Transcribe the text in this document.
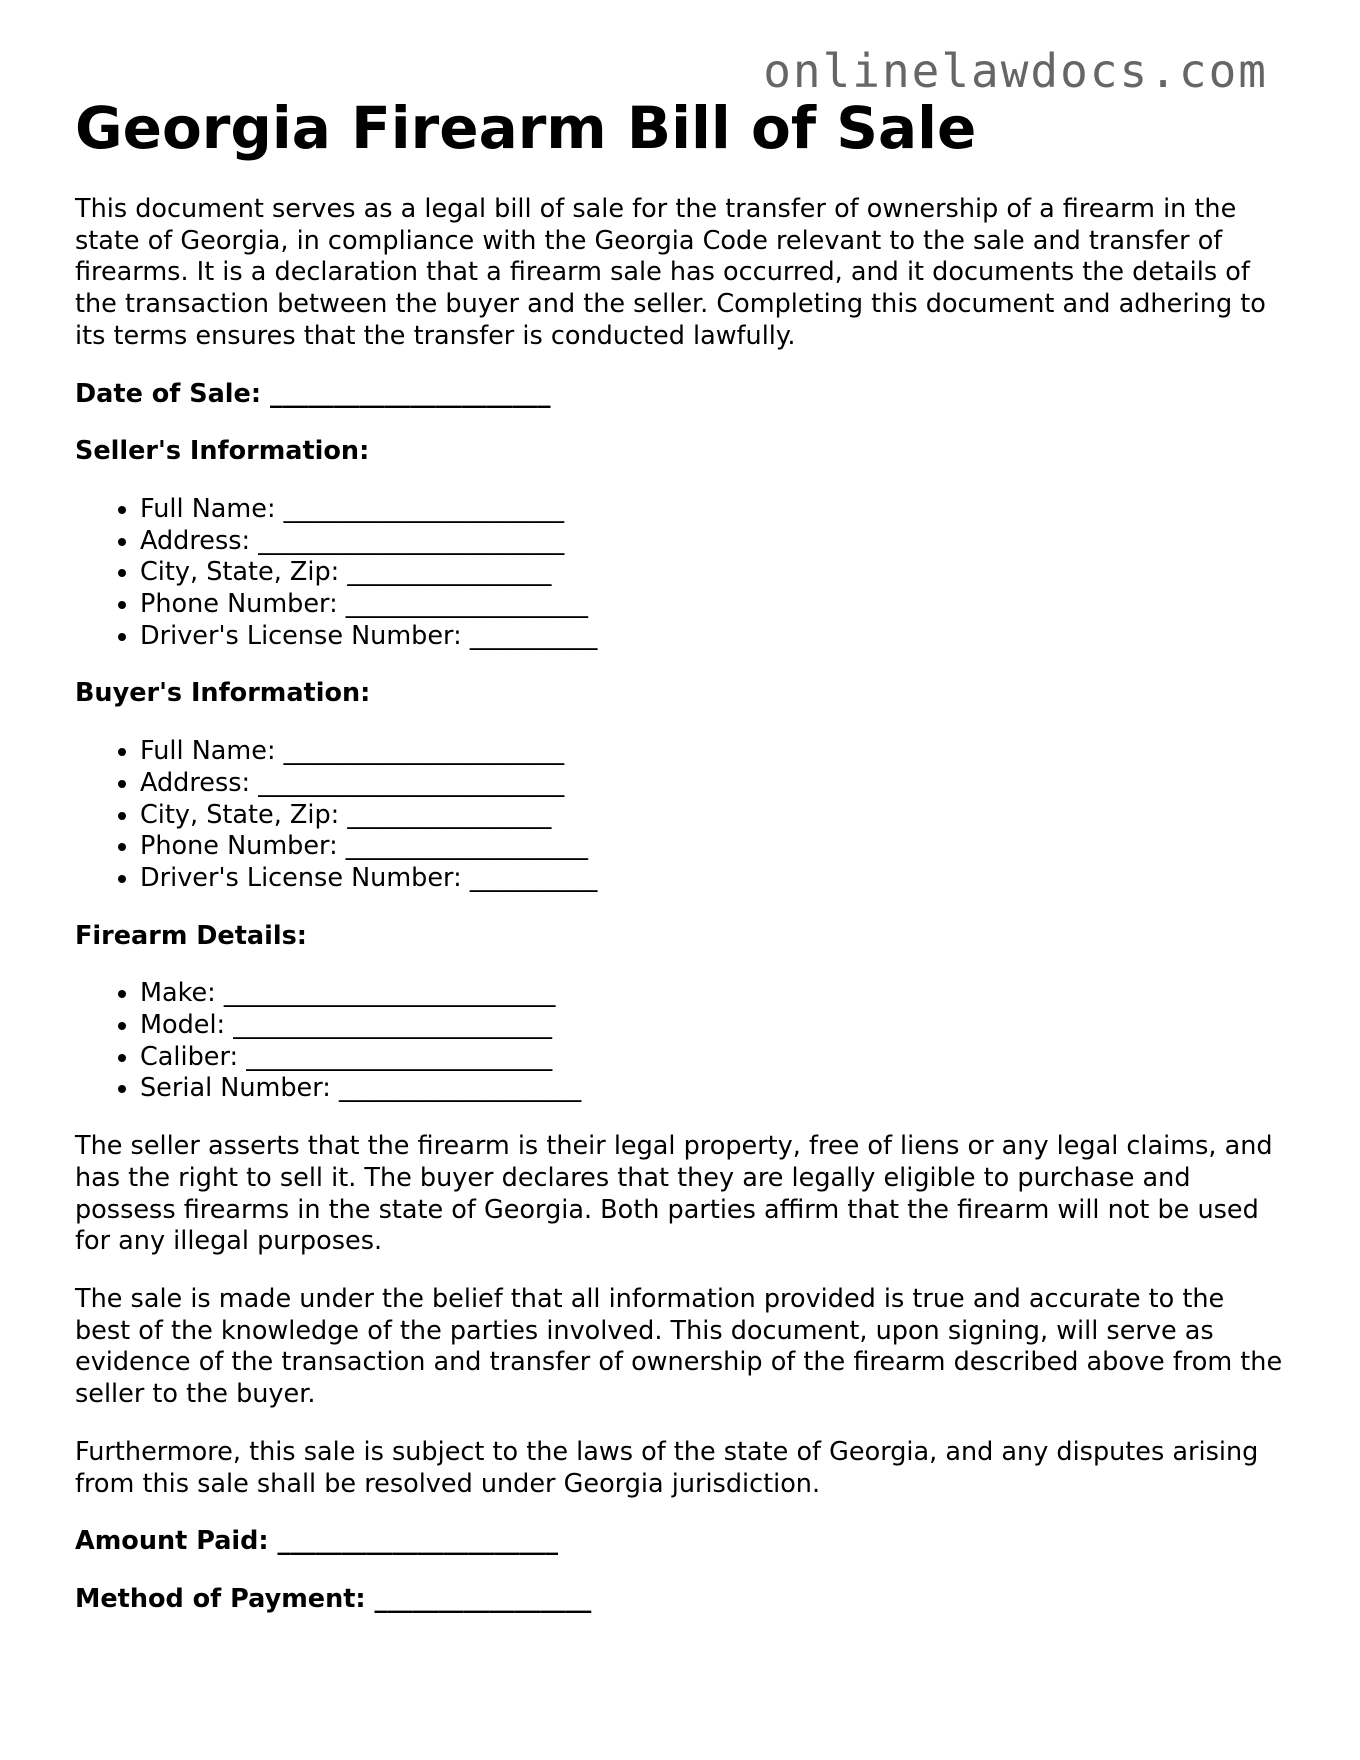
onlinelawdocs.com
Georgia Firearm Bill of Sale

This document serves as a legal bill of sale for the transfer of ownership of a firearm in the state of Georgia, in compliance with the Georgia Code relevant to the sale and transfer of firearms. It is a declaration that a firearm sale has occurred, and it documents the details of the transaction between the buyer and the seller. Completing this document and adhering to its terms ensures that the transfer is conducted lawfully.

Date of Sale: ______________________
Seller's Information:
• Full Name: ______________________
• Address: ________________________
• City, State, Zip: ________________
• Phone Number: ___________________
• Driver's License Number: __________
Buyer's Information:
• Full Name: ______________________
• Address: ________________________
• City, State, Zip: ________________
• Phone Number: ___________________
• Driver's License Number: __________
Firearm Details:
• Make: __________________________
• Model: _________________________
• Caliber: ________________________
• Serial Number: ___________________

The seller asserts that the firearm is their legal property, free of liens or any legal claims, and has the right to sell it. The buyer declares that they are legally eligible to purchase and possess firearms in the state of Georgia. Both parties affirm that the firearm will not be used for any illegal purposes.

The sale is made under the belief that all information provided is true and accurate to the best of the knowledge of the parties involved. This document, upon signing, will serve as evidence of the transaction and transfer of ownership of the firearm described above from the seller to the buyer.

Furthermore, this sale is subject to the laws of the state of Georgia, and any disputes arising from this sale shall be resolved under Georgia jurisdiction.

Amount Paid: ______________________
Method of Payment: _________________
